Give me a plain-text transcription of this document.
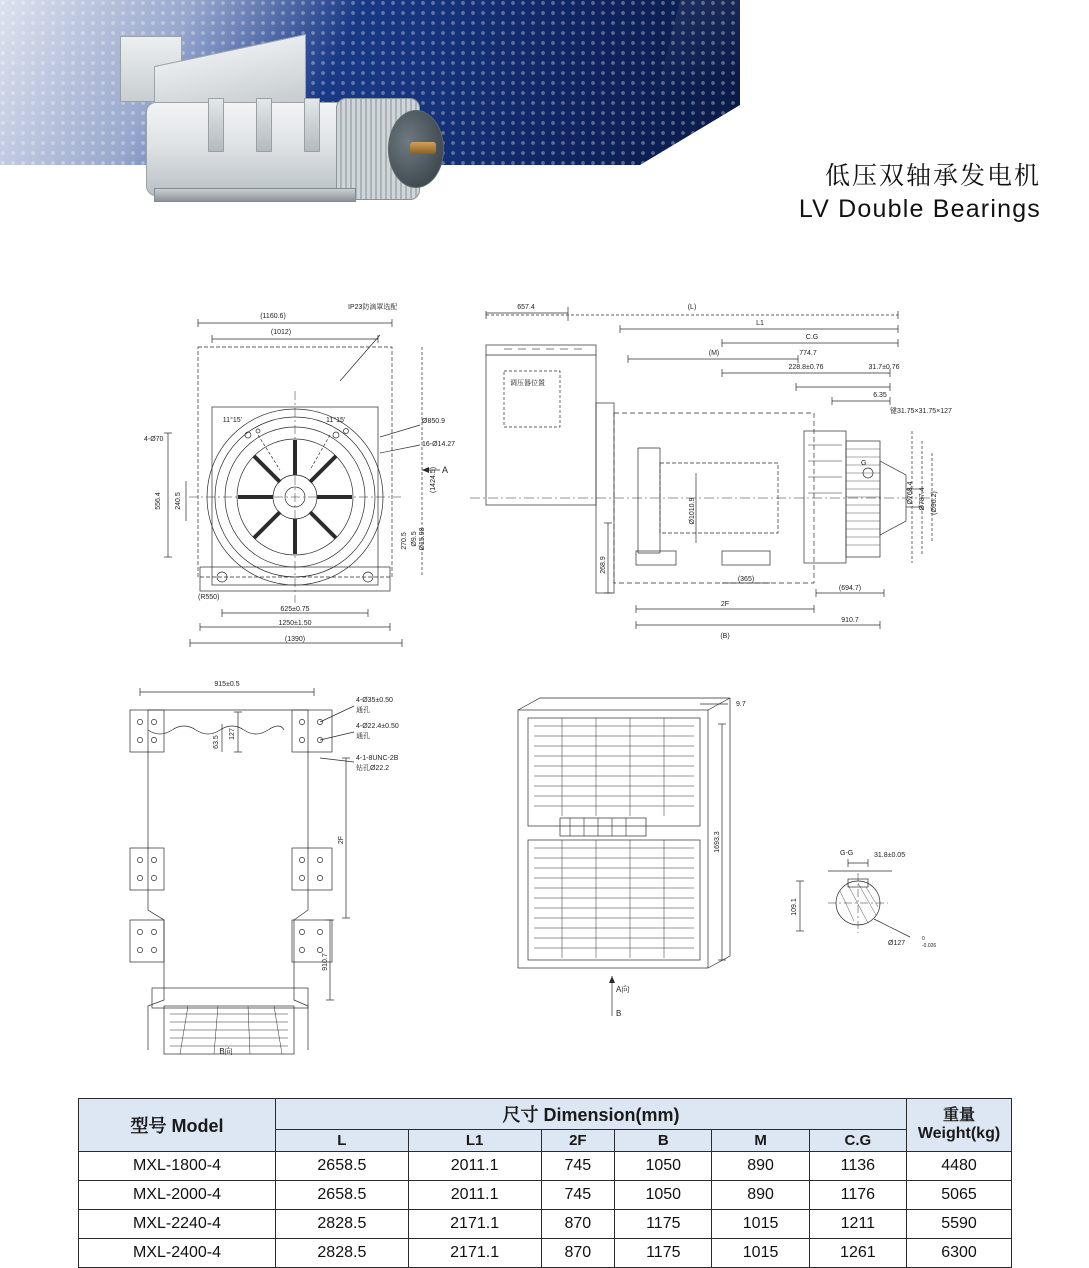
低压双轴承发电机
LV Double Bearings
(1160.6)
(1012)
IP23防滴罩选配
11°15'	11°15'
4-Ø70
556.4 240.5
Ø850.9
16-Ø14.27
(1424.5)
Ø9.5 Ø15.98
270.5
(R550)
625±0.75
1250±1.50
(1390)
A
657.4	(L)
L1
C.G
(M)	774.7
228.8±0.76	31.7±0.76
6.35
键31.75×31.75×127
调压器位置
G
Ø768.4 Ø787.4 (Ø96.2)
Ø1010.9
268.9
(365)
(694.7)
2F
910.7
(B)
915±0.5
4-Ø35±0.50
通孔
4-Ø22.4±0.50
通孔
4-1-8UNC-2B
钻孔Ø22.2
127
63.5
2F
910.7
B向
9.7
1693.3
A向
B
G-G	31.8±0.05
109.1
Ø127
0
-0.026
型号 Model	尺寸 Dimension(mm)						重量
Weight(kg)

	L	L1	2F	B	M	C.G	
MXL-1800-4	2658.5	2011.1	745	1050	890	1136	4480
MXL-2000-4	2658.5	2011.1	745	1050	890	1176	5065
MXL-2240-4	2828.5	2171.1	870	1175	1015	1211	5590
MXL-2400-4	2828.5	2171.1	870	1175	1015	1261	6300
